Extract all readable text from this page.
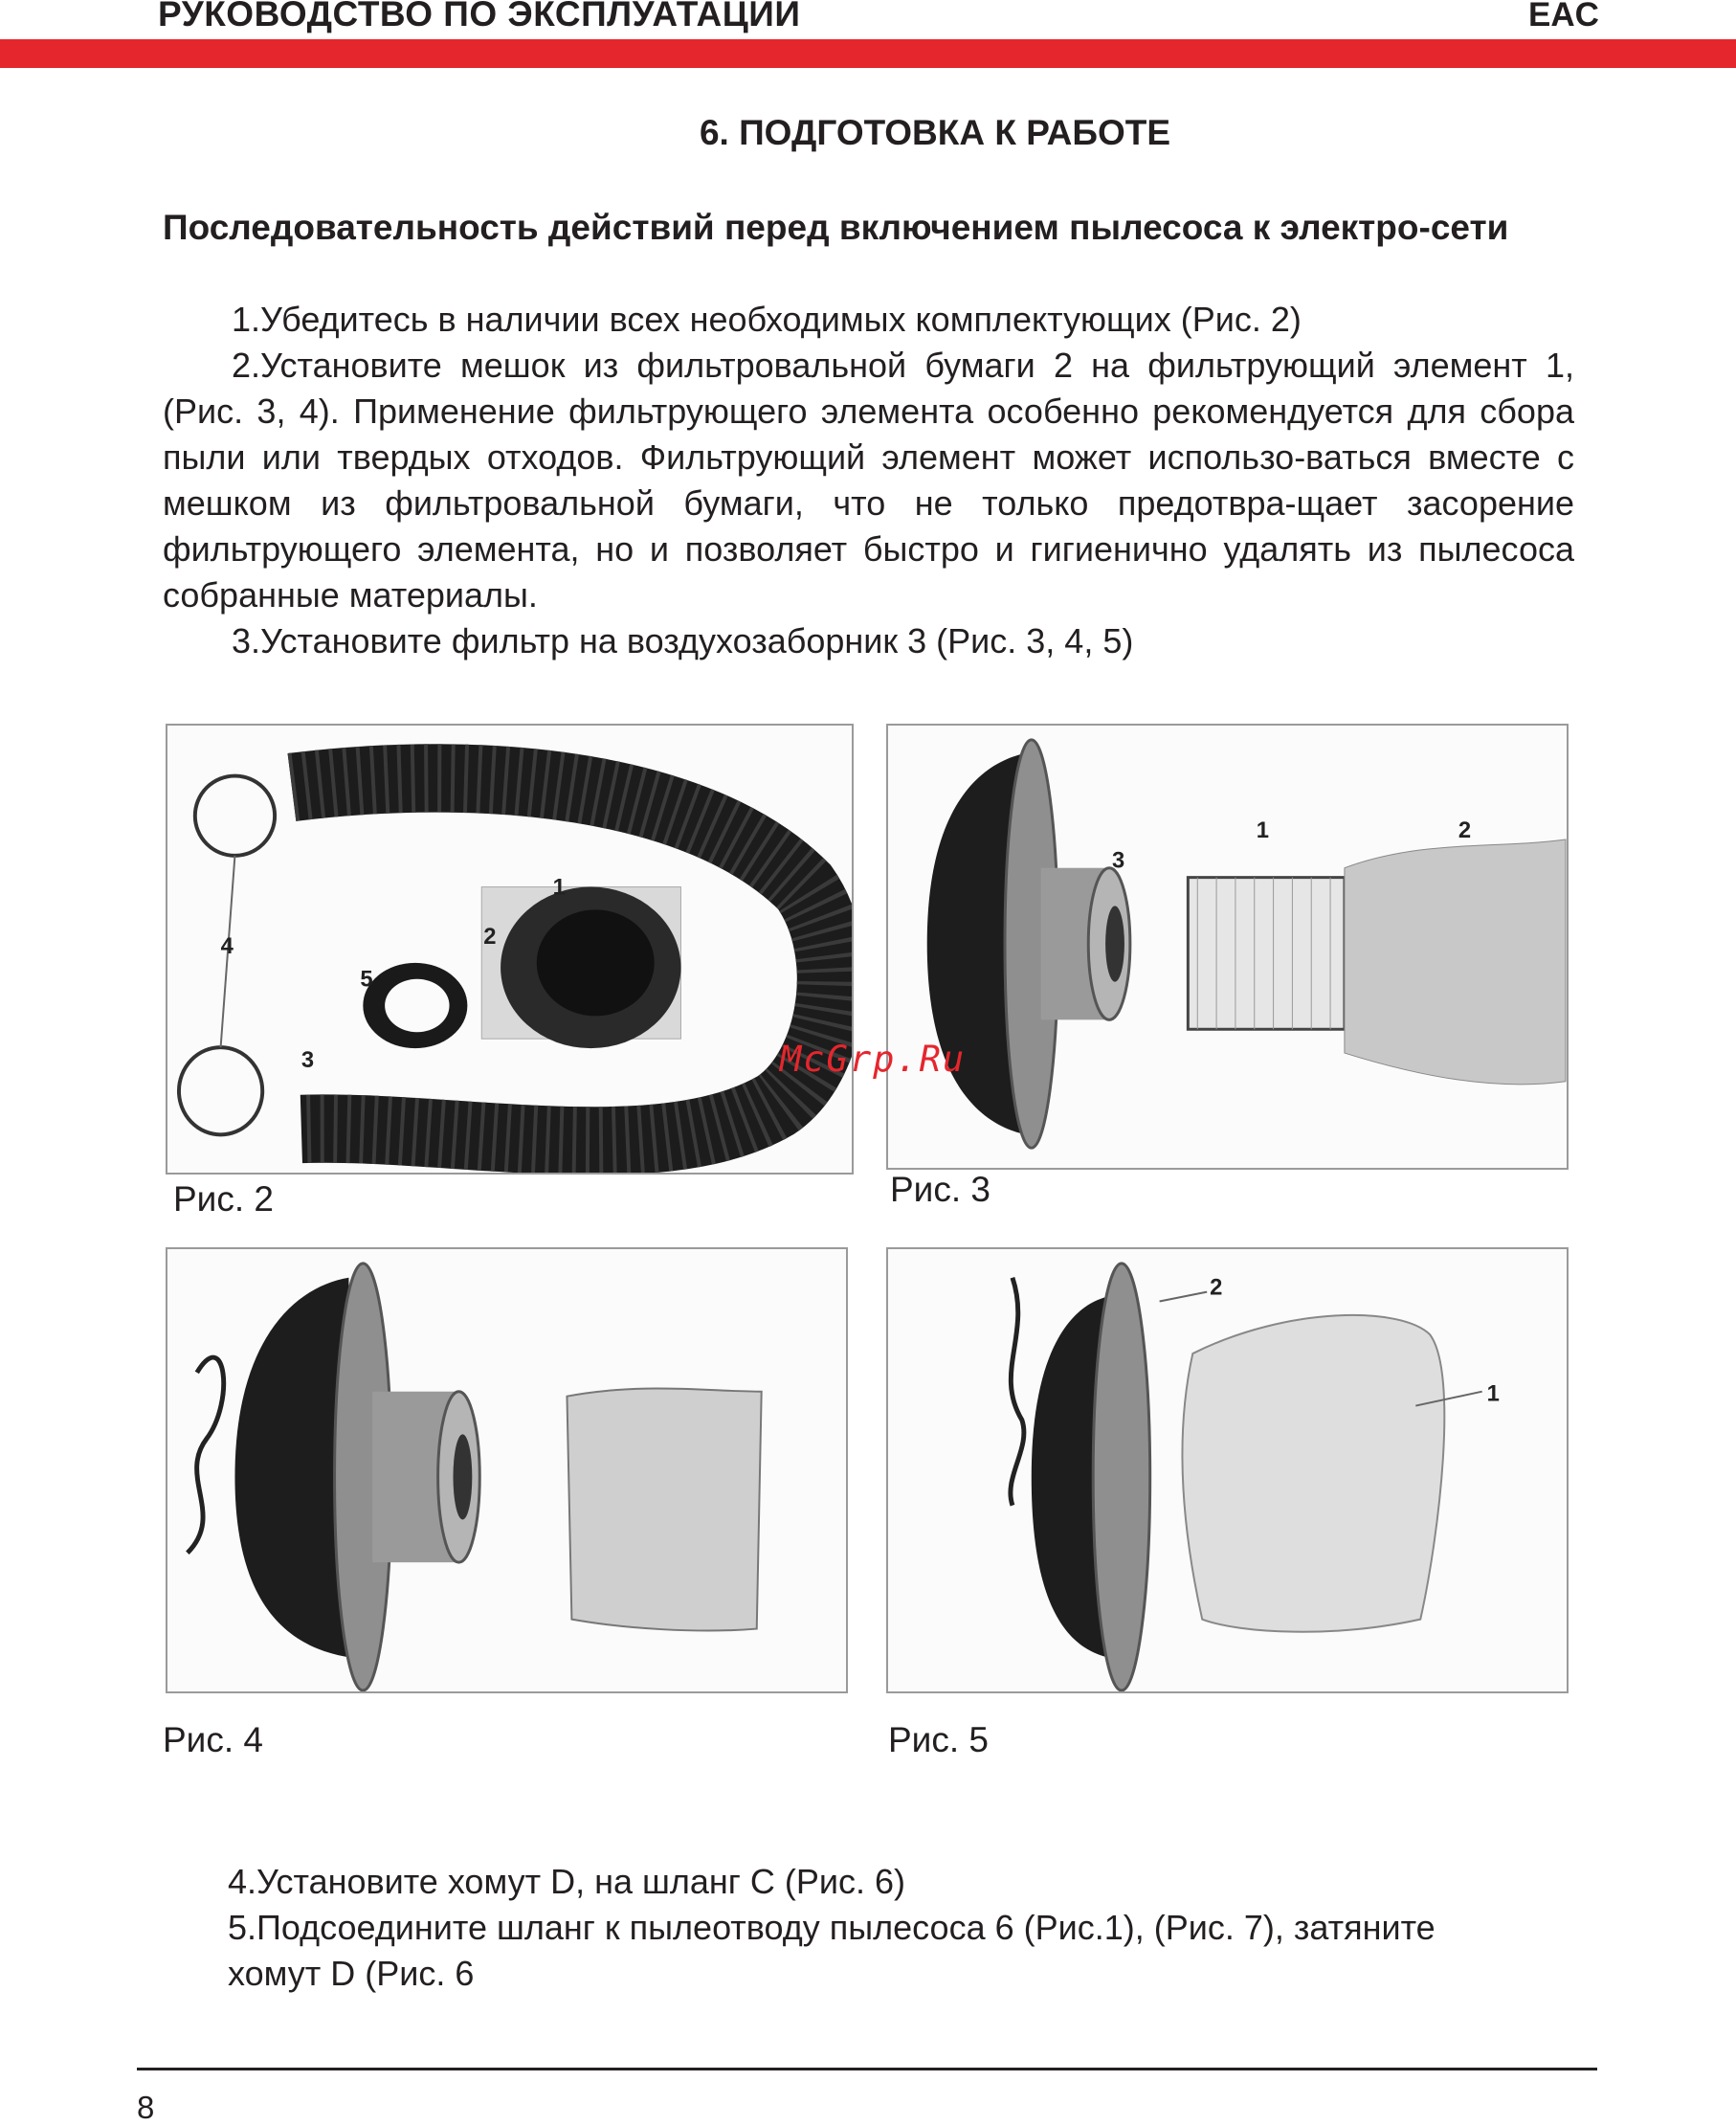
РУКОВОДСТВО ПО ЭКСПЛУАТАЦИИ	EAC
6. ПОДГОТОВКА К РАБОТЕ
Последовательность действий перед включением пылесоса к электро-сети
1.Убедитесь в наличии всех необходимых комплектующих (Рис. 2)
2.Установите мешок из фильтровальной бумаги 2 на фильтрующий элемент 1, (Рис. 3, 4). Применение фильтрующего элемента особенно рекомендуется для сбора пыли или твердых отходов. Фильтрующий элемент может использо-ваться вместе с мешком из фильтровальной бумаги, что не только предотвра-щает засорение фильтрующего элемента, но и позволяет быстро и гигиенично удалять из пылесоса собранные материалы.
3.Установите фильтр на воздухозаборник 3 (Рис. 3, 4, 5)
1
2
3
4
5
Рис. 2
3
1	2
Рис. 3
Рис. 4
2
1
Рис. 5
McGrp.Ru
4.Установите хомут D, на шланг C (Рис. 6)
5.Подсоедините шланг к пылеотводу пылесоса 6 (Рис.1), (Рис. 7), затяните
хомут D (Рис. 6
8
